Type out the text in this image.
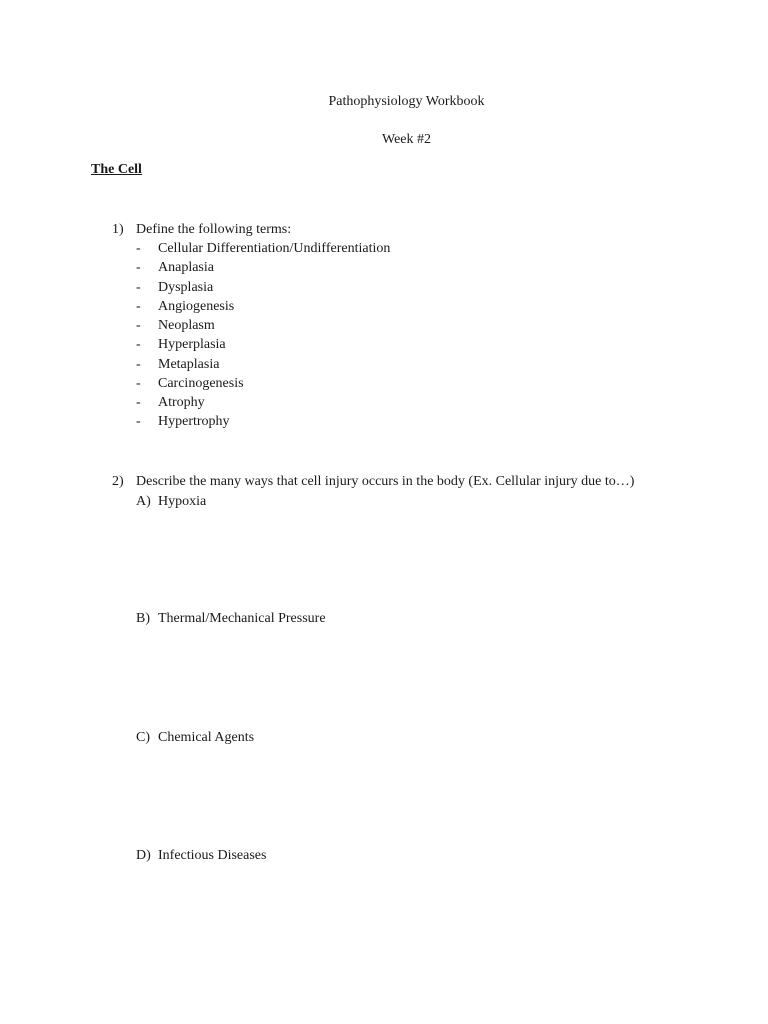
Pathophysiology Workbook
Week #2
The Cell
1) Define the following terms:
- Cellular Differentiation/Undifferentiation
- Anaplasia
- Dysplasia
- Angiogenesis
- Neoplasm
- Hyperplasia
- Metaplasia
- Carcinogenesis
- Atrophy
- Hypertrophy
2) Describe the many ways that cell injury occurs in the body (Ex. Cellular injury due to…)
A) Hypoxia
B) Thermal/Mechanical Pressure
C) Chemical Agents
D) Infectious Diseases
